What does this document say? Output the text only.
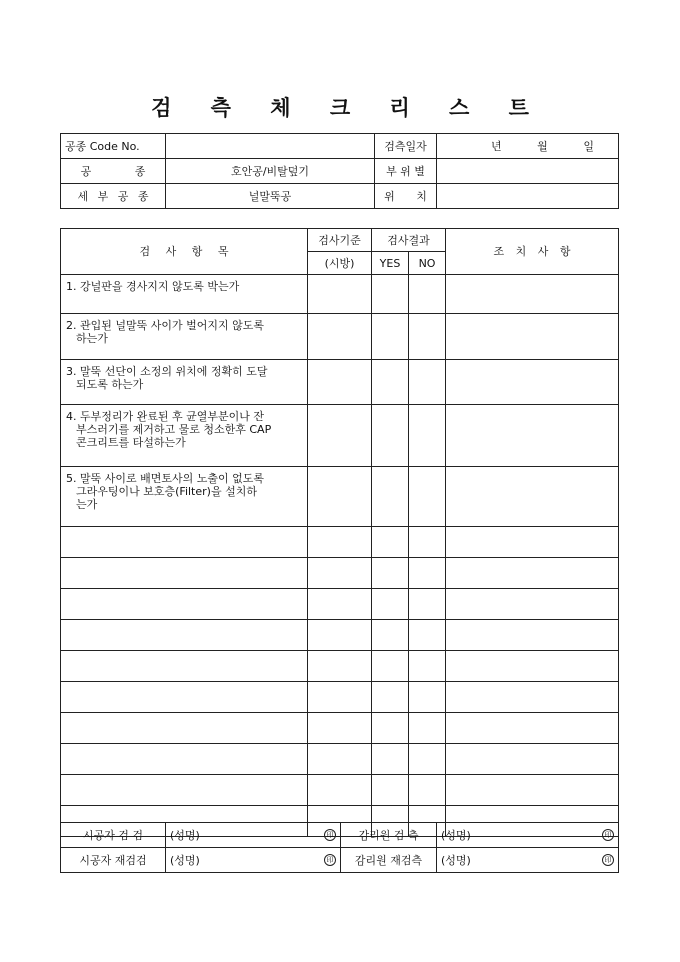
검 측 체 크 리 스 트
공종 Code No.		검측일자	년 월 일

공 종	호안공/비탈덮기	부 위 별	
세 부 공 종	널말뚝공	위 치	
검 사 항 목	검사기준	검사결과		조 치 사 항
	(시방)	YES	NO	

1. 강널판을 경사지지 않도록 박는가				

2. 관입된 널말뚝 사이가 벌어지지 않도록
하는가				

3. 말뚝 선단이 소정의 위치에 정확히 도달
되도록 하는가				

4. 두부정리가 완료된 후 균열부분이나 잔
부스러기를 제거하고 물로 청소한후 CAP
콘크리트를 타설하는가				

5. 말뚝 사이로 배면토사의 노출이 없도록
그라우팅이나 보호층(Filter)을 설치하
는가				

시공자 검 검	(성명) 印	감리원 검 측	(성명) 印

시공자 재검검	(성명) 印	감리원 재검측	(성명) 印
